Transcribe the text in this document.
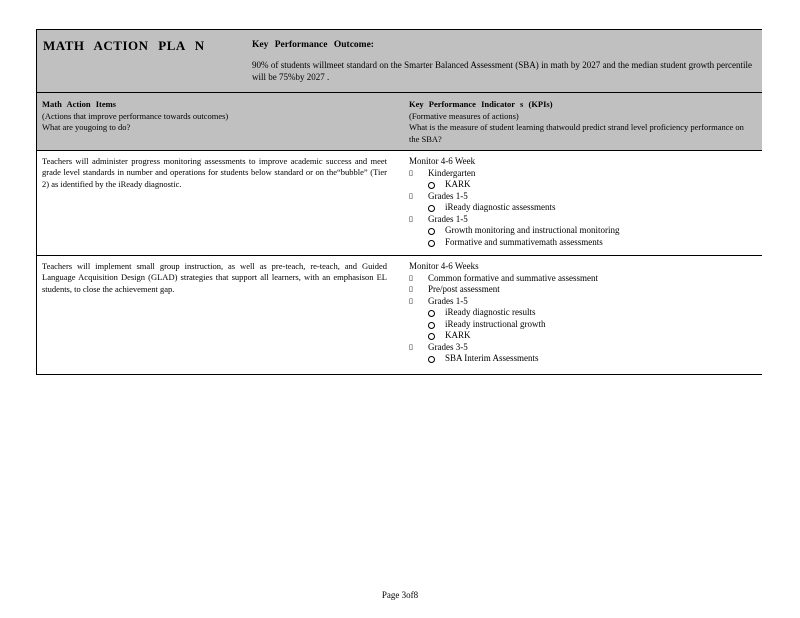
MATH ACTION PLA N	Key Performance Outcome:
90% of students willmeet standard on the Smarter Balanced Assessment (SBA) in math by 2027 and the median student growth percentile will be 75%by 2027 .
Math Action Items
(Actions that improve performance towards outcomes)
What are yougoing to do?
Key Performance Indicator s (KPIs)
(Formative measures of actions)
What is the measure of student learning thatwould predict strand level proficiency performance on the SBA?
Teachers will administer progress monitoring assessments to improve academic success and meet grade level standards in number and operations for students below standard or on the“bubble” (Tier 2) as identified by the iReady diagnostic.
Monitor 4-6 Week
▯ Kindergarten
KARK
▯ Grades 1-5
iReady diagnostic assessments
▯ Grades 1-5
Growth monitoring and instructional monitoring
Formative and summativemath assessments
Teachers will implement small group instruction, as well as pre-teach, re-teach, and Guided Language Acquisition Design (GLAD) strategies that support all learners, with an emphasison EL students, to close the achievement gap.
Monitor 4-6 Weeks
▯ Common formative and summative assessment
▯ Pre/post assessment
▯ Grades 1-5
iReady diagnostic results
iReady instructional growth
KARK
▯ Grades 3-5
SBA Interim Assessments
Page 3of8
